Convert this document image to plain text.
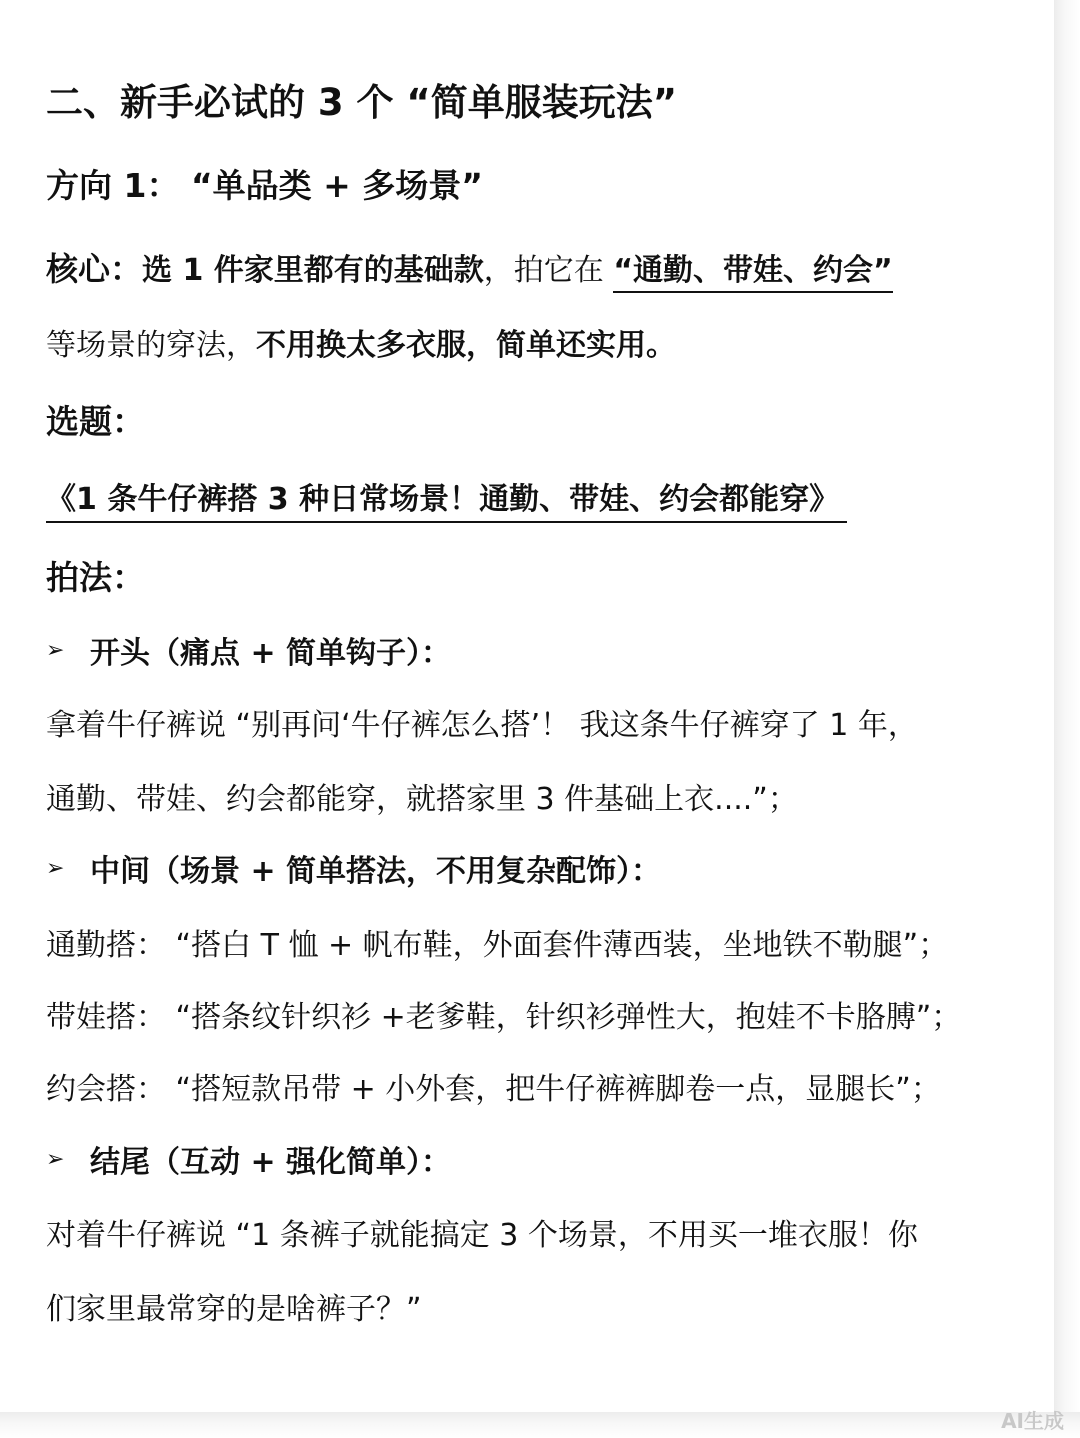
二、新手必试的 3 个 “简单服装玩法”
方向 1： “单品类 + 多场景”
核心：选 1 件家里都有的基础款，拍它在 “通勤、带娃、约会”
等场景的穿法，不用换太多衣服，简单还实用。
选题：
《1 条牛仔裤搭 3 种日常场景！通勤、带娃、约会都能穿》
拍法：
➢ 开头（痛点 + 简单钩子）：
拿着牛仔裤说 “别再问‘牛仔裤怎么搭’！ 我这条牛仔裤穿了 1 年，
通勤、带娃、约会都能穿，就搭家里 3 件基础上衣....”；
➢ 中间（场景 + 简单搭法，不用复杂配饰）：
通勤搭： “搭白 T 恤 + 帆布鞋，外面套件薄西装，坐地铁不勒腿”；
带娃搭： “搭条纹针织衫 +老爹鞋，针织衫弹性大，抱娃不卡胳膊”；
约会搭： “搭短款吊带 + 小外套，把牛仔裤裤脚卷一点，显腿长”；
➢ 结尾（互动 + 强化简单）：
对着牛仔裤说 “1 条裤子就能搞定 3 个场景，不用买一堆衣服！你
们家里最常穿的是啥裤子？”
AI生成
